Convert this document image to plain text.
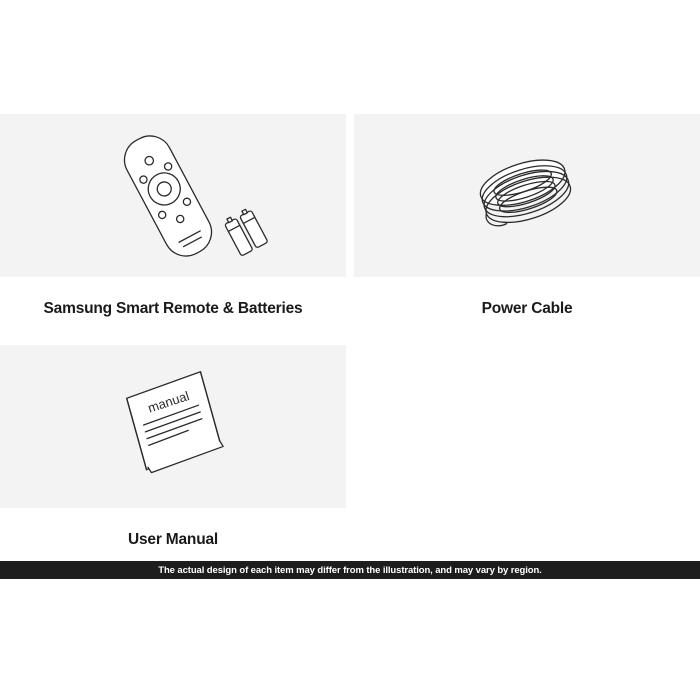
Samsung Smart Remote & Batteries	Power Cable
manual
User Manual
The actual design of each item may differ from the illustration, and may vary by region.
